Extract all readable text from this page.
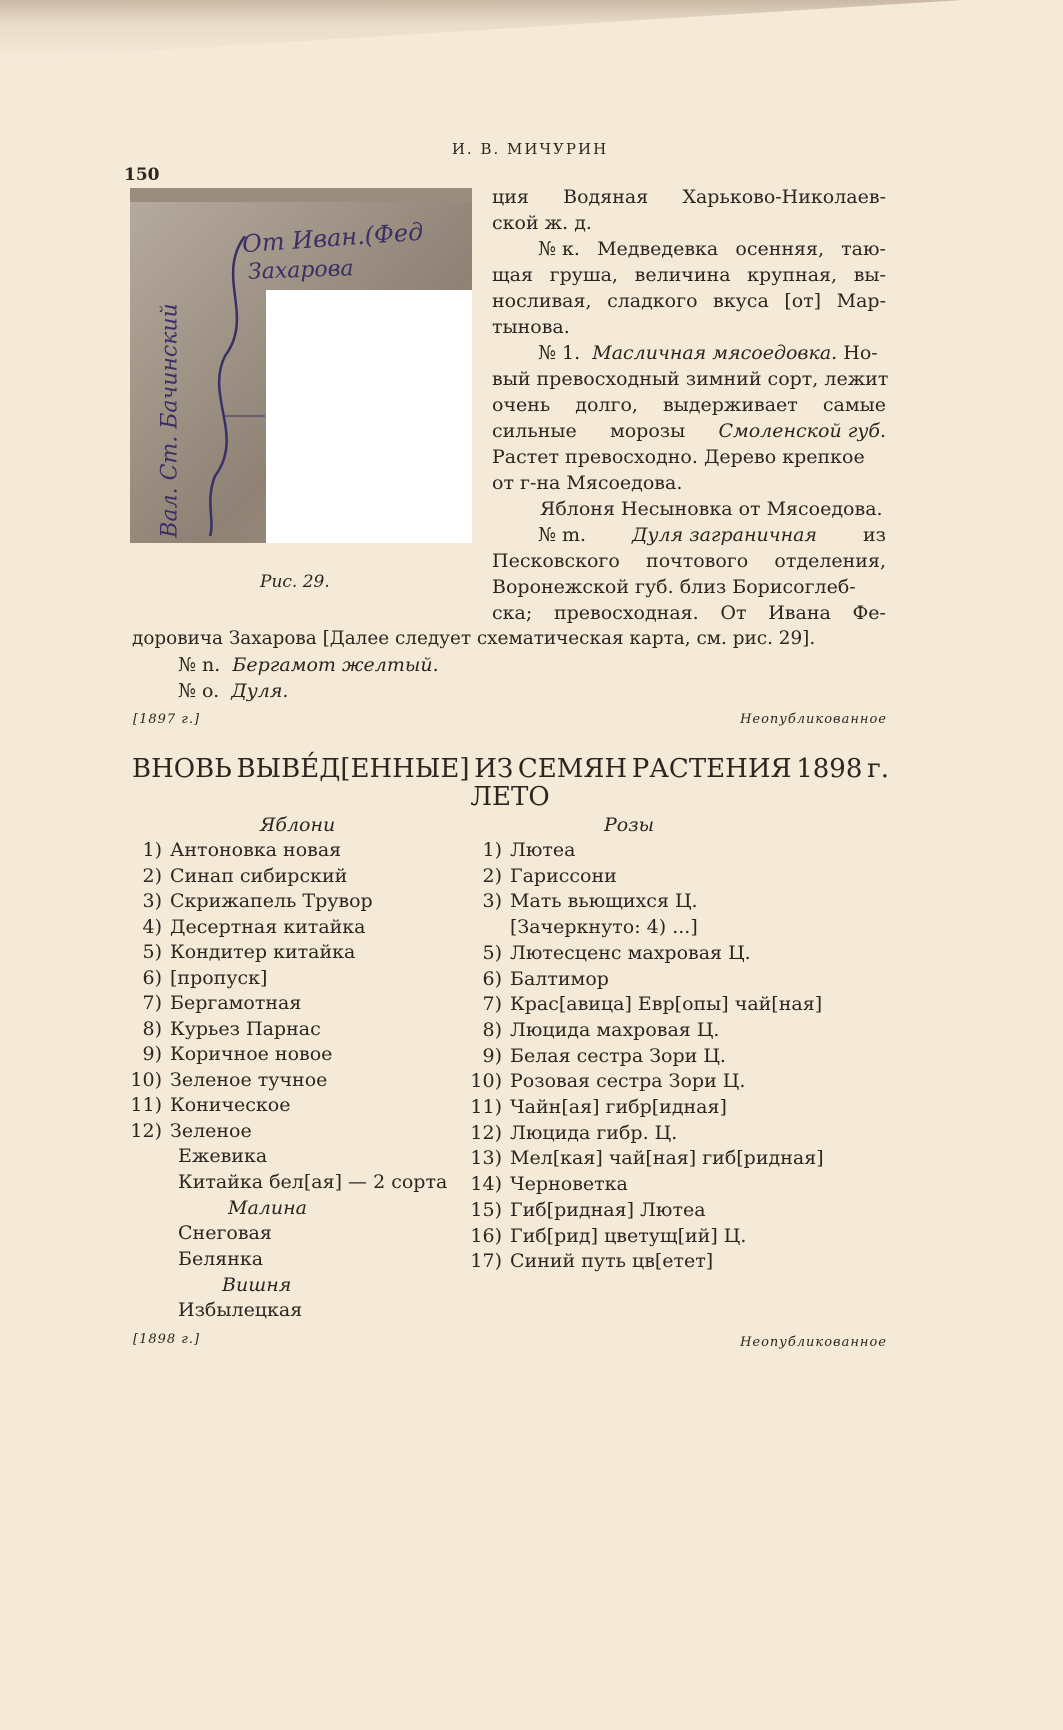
150
И. В. МИЧУРИН
От Иван.(Фед
Захарова
Вал. Ст. Бачинский
Рис. 29.
ция Водяная Харьково-Николаев-
ской ж. д.
№ к. Медведевка осенняя, таю-
щая груша, величина крупная, вы-
носливая, сладкого вкуса [от] Мар-
тынова.
№ 1. Масличная мясоедовка. Но-
вый превосходный зимний сорт, лежит
очень долго, выдерживает самые
сильные морозы Смоленской губ.
Растет превосходно. Дерево крепкое
от г-на Мясоедова.
Яблоня Несыновка от Мясоедова.
№ m. Дуля заграничная из
Песковского почтового отделения,
Воронежской губ. близ Борисоглеб-
ска; превосходная. От Ивана Фе-
доровича Захарова [Далее следует схематическая карта, см. рис. 29].
№ n. Бергамот желтый.
№ o. Дуля.
[1897 г.]	Неопубликованное
ВНОВЬ ВЫВЕ́Д[ЕННЫЕ] ИЗ СЕМЯН РАСТЕНИЯ 1898 г.
ЛЕТО
Яблони	Розы
1) Антоновка новая
2) Синап сибирский
3) Скрижапель Трувор
4) Десертная китайка
5) Кондитер китайка
6) [пропуск]
7) Бергамотная
8) Курьез Парнас
9) Коричное новое
10) Зеленое тучное
11) Коническое
12) Зеленое
1) Лютеа
2) Гариссони
3) Мать вьющихся Ц.
[Зачеркнуто: 4) ...]
5) Лютесценс махровая Ц.
6) Балтимор
7) Крас[авица] Евр[опы] чай[ная]
8) Люцида махровая Ц.
9) Белая сестра Зори Ц.
10) Розовая сестра Зори Ц.
11) Чайн[ая] гибр[идная]
12) Люцида гибр. Ц.
13) Мел[кая] чай[ная] гиб[ридная]
14) Черноветка
15) Гиб[ридная] Лютеа
16) Гиб[рид] цветущ[ий] Ц.
17) Синий путь цв[етет]
Ежевика
Китайка бел[ая] — 2 сорта
Малина
Снеговая
Белянка
Вишня
Избылецкая
[1898 г.]	Неопубликованное
